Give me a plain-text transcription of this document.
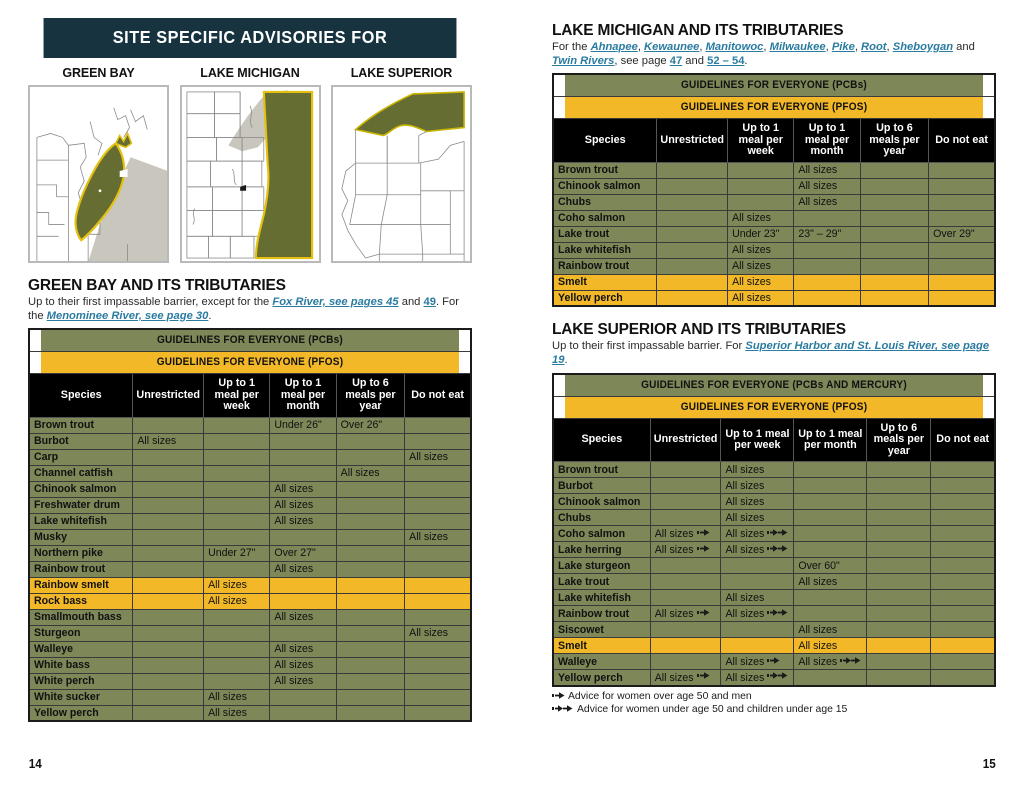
SITE SPECIFIC ADVISORIES FOR
GREEN BAY	LAKE MICHIGAN	LAKE SUPERIOR
GREEN BAY AND ITS TRIBUTARIES
Up to their first impassable barrier, except for the Fox River, see pages 45 and 49. For the Menominee River, see page 30.
GUIDELINES FOR EVERYONE (PCBs)					
GUIDELINES FOR EVERYONE (PFOS)					
Species	Unrestricted	Up to 1 meal per week	Up to 1 meal per month	Up to 6 meals per year	Do not eat
Brown trout			Under 26"	Over 26"	
Burbot	All sizes				
Carp					All sizes
Channel catfish				All sizes	
Chinook salmon			All sizes		
Freshwater drum			All sizes		
Lake whitefish			All sizes		
Musky					All sizes
Northern pike		Under 27"	Over 27"		
Rainbow trout			All sizes		
Rainbow smelt		All sizes			
Rock bass		All sizes			
Smallmouth bass			All sizes		
Sturgeon					All sizes
Walleye			All sizes		
White bass			All sizes		
White perch			All sizes		
White sucker		All sizes			
Yellow perch		All sizes			
14
LAKE MICHIGAN AND ITS TRIBUTARIES
For the Ahnapee, Kewaunee, Manitowoc, Milwaukee, Pike, Root, Sheboygan and Twin Rivers, see page 47 and 52 – 54.
GUIDELINES FOR EVERYONE (PCBs)					
GUIDELINES FOR EVERYONE (PFOS)					
Species	Unrestricted	Up to 1 meal per week	Up to 1 meal per month	Up to 6 meals per year	Do not eat
Brown trout			All sizes		
Chinook salmon			All sizes		
Chubs			All sizes		
Coho salmon		All sizes			
Lake trout		Under 23"	23" – 29"		Over 29"
Lake whitefish		All sizes			
Rainbow trout		All sizes			
Smelt		All sizes			
Yellow perch		All sizes			
LAKE SUPERIOR AND ITS TRIBUTARIES
Up to their first impassable barrier. For Superior Harbor and St. Louis River, see page 19.
GUIDELINES FOR EVERYONE (PCBs AND MERCURY)					
GUIDELINES FOR EVERYONE (PFOS)					
Species	Unrestricted	Up to 1 meal per week	Up to 1 meal per month	Up to 6 meals per year	Do not eat
Brown trout		All sizes			
Burbot		All sizes			
Chinook salmon		All sizes			
Chubs		All sizes			
Coho salmon	All sizes	All sizes

Lake herring	All sizes	All sizes

Lake sturgeon			Over 60"		
Lake trout			All sizes		
Lake whitefish		All sizes			
Rainbow trout	All sizes	All sizes

Siscowet			All sizes		
Smelt			All sizes		
Walleye		All sizes	All sizes

Yellow perch	All sizes	All sizes

Advice for women over age 50 and men
Advice for women under age 50 and children under age 15
15
